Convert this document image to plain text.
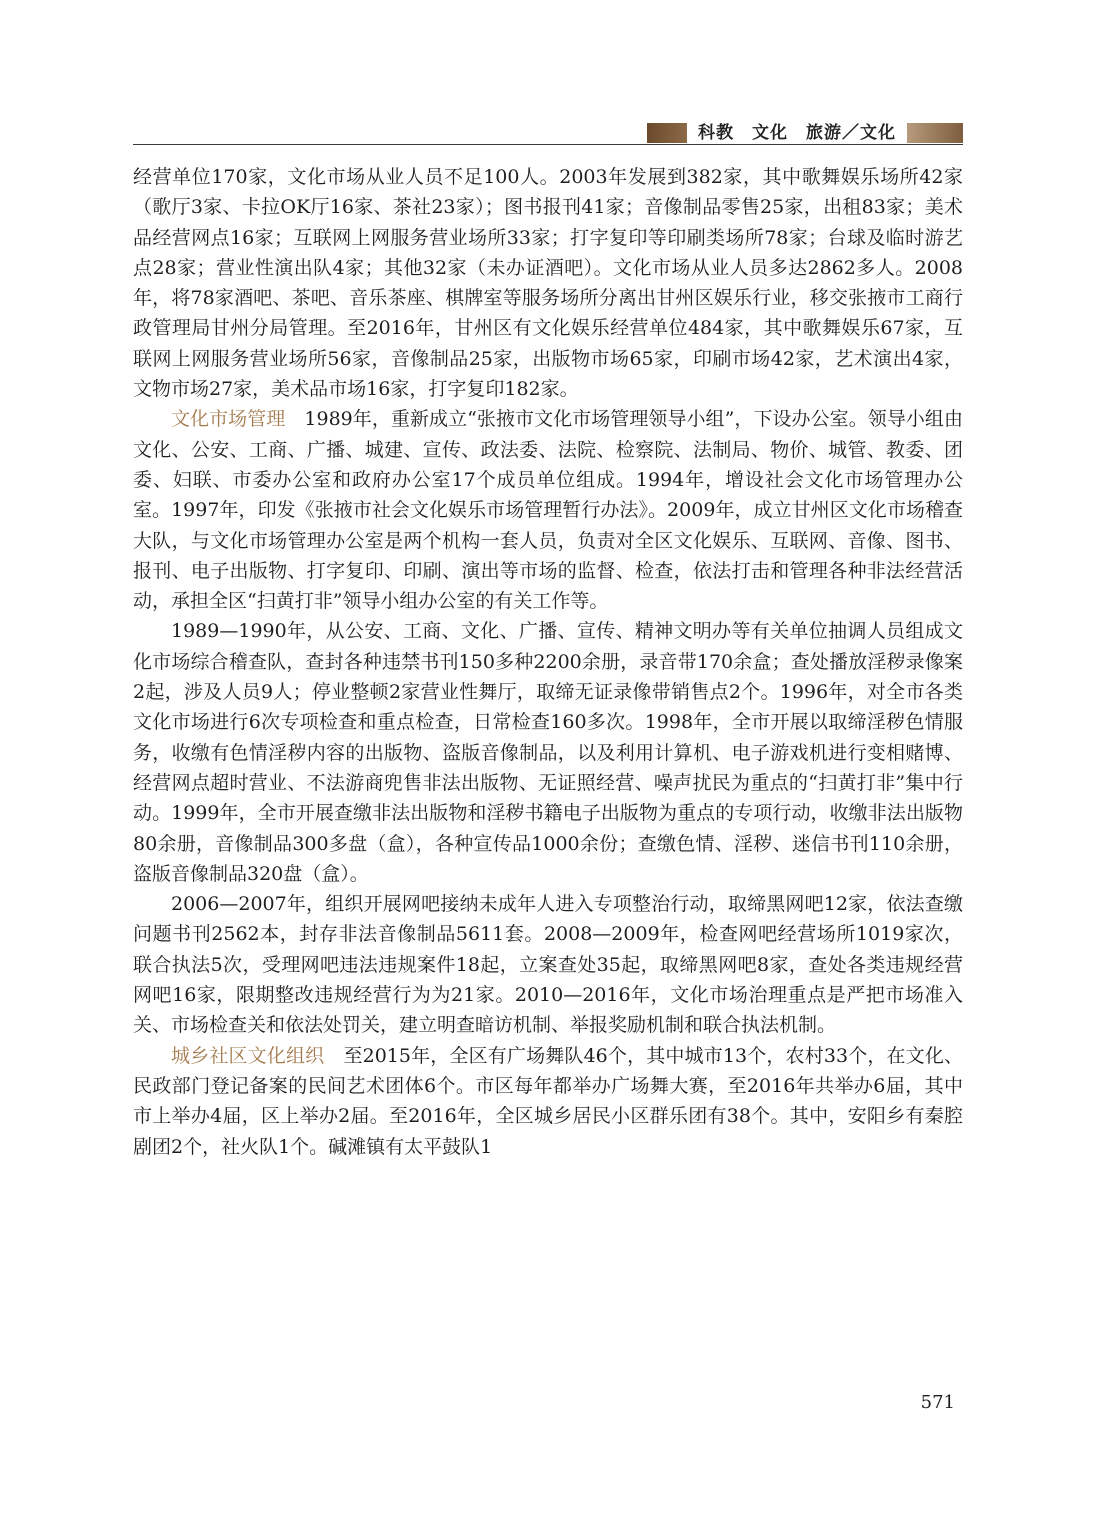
科教　文化　旅游／文化

经营单位170家，文化市场从业人员不足100人。2003年发展到382家，其中歌舞娱乐场所42家（歌厅3家、卡拉OK厅16家、茶社23家）；图书报刊41家；音像制品零售25家，出租83家；美术品经营网点16家；互联网上网服务营业场所33家；打字复印等印刷类场所78家；台球及临时游艺点28家；营业性演出队4家；其他32家（未办证酒吧）。文化市场从业人员多达2862多人。2008年，将78家酒吧、茶吧、音乐茶座、棋牌室等服务场所分离出甘州区娱乐行业，移交张掖市工商行政管理局甘州分局管理。至2016年，甘州区有文化娱乐经营单位484家，其中歌舞娱乐67家，互联网上网服务营业场所56家，音像制品25家，出版物市场65家，印刷市场42家，艺术演出4家，文物市场27家，美术品市场16家，打字复印182家。

文化市场管理　1989年，重新成立“张掖市文化市场管理领导小组”，下设办公室。领导小组由文化、公安、工商、广播、城建、宣传、政法委、法院、检察院、法制局、物价、城管、教委、团委、妇联、市委办公室和政府办公室17个成员单位组成。1994年，增设社会文化市场管理办公室。1997年，印发《张掖市社会文化娱乐市场管理暂行办法》。2009年，成立甘州区文化市场稽查大队，与文化市场管理办公室是两个机构一套人员，负责对全区文化娱乐、互联网、音像、图书、报刊、电子出版物、打字复印、印刷、演出等市场的监督、检查，依法打击和管理各种非法经营活动，承担全区“扫黄打非”领导小组办公室的有关工作等。

1989—1990年，从公安、工商、文化、广播、宣传、精神文明办等有关单位抽调人员组成文化市场综合稽查队，查封各种违禁书刊150多种2200余册，录音带170余盒；查处播放淫秽录像案2起，涉及人员9人；停业整顿2家营业性舞厅，取缔无证录像带销售点2个。1996年，对全市各类文化市场进行6次专项检查和重点检查，日常检查160多次。1998年，全市开展以取缔淫秽色情服务，收缴有色情淫秽内容的出版物、盗版音像制品，以及利用计算机、电子游戏机进行变相赌博、经营网点超时营业、不法游商兜售非法出版物、无证照经营、噪声扰民为重点的“扫黄打非”集中行动。1999年，全市开展查缴非法出版物和淫秽书籍电子出版物为重点的专项行动，收缴非法出版物80余册，音像制品300多盘（盒），各种宣传品1000余份；查缴色情、淫秽、迷信书刊110余册，盗版音像制品320盘（盒）。

2006—2007年，组织开展网吧接纳未成年人进入专项整治行动，取缔黑网吧12家，依法查缴问题书刊2562本，封存非法音像制品5611套。2008—2009年，检查网吧经营场所1019家次，联合执法5次，受理网吧违法违规案件18起，立案查处35起，取缔黑网吧8家，查处各类违规经营网吧16家，限期整改违规经营行为为21家。2010—2016年，文化市场治理重点是严把市场准入关、市场检查关和依法处罚关，建立明查暗访机制、举报奖励机制和联合执法机制。

城乡社区文化组织　至2015年，全区有广场舞队46个，其中城市13个，农村33个，在文化、民政部门登记备案的民间艺术团体6个。市区每年都举办广场舞大赛，至2016年共举办6届，其中市上举办4届，区上举办2届。至2016年，全区城乡居民小区群乐团有38个。其中，安阳乡有秦腔剧团2个，社火队1个。碱滩镇有太平鼓队1

571
